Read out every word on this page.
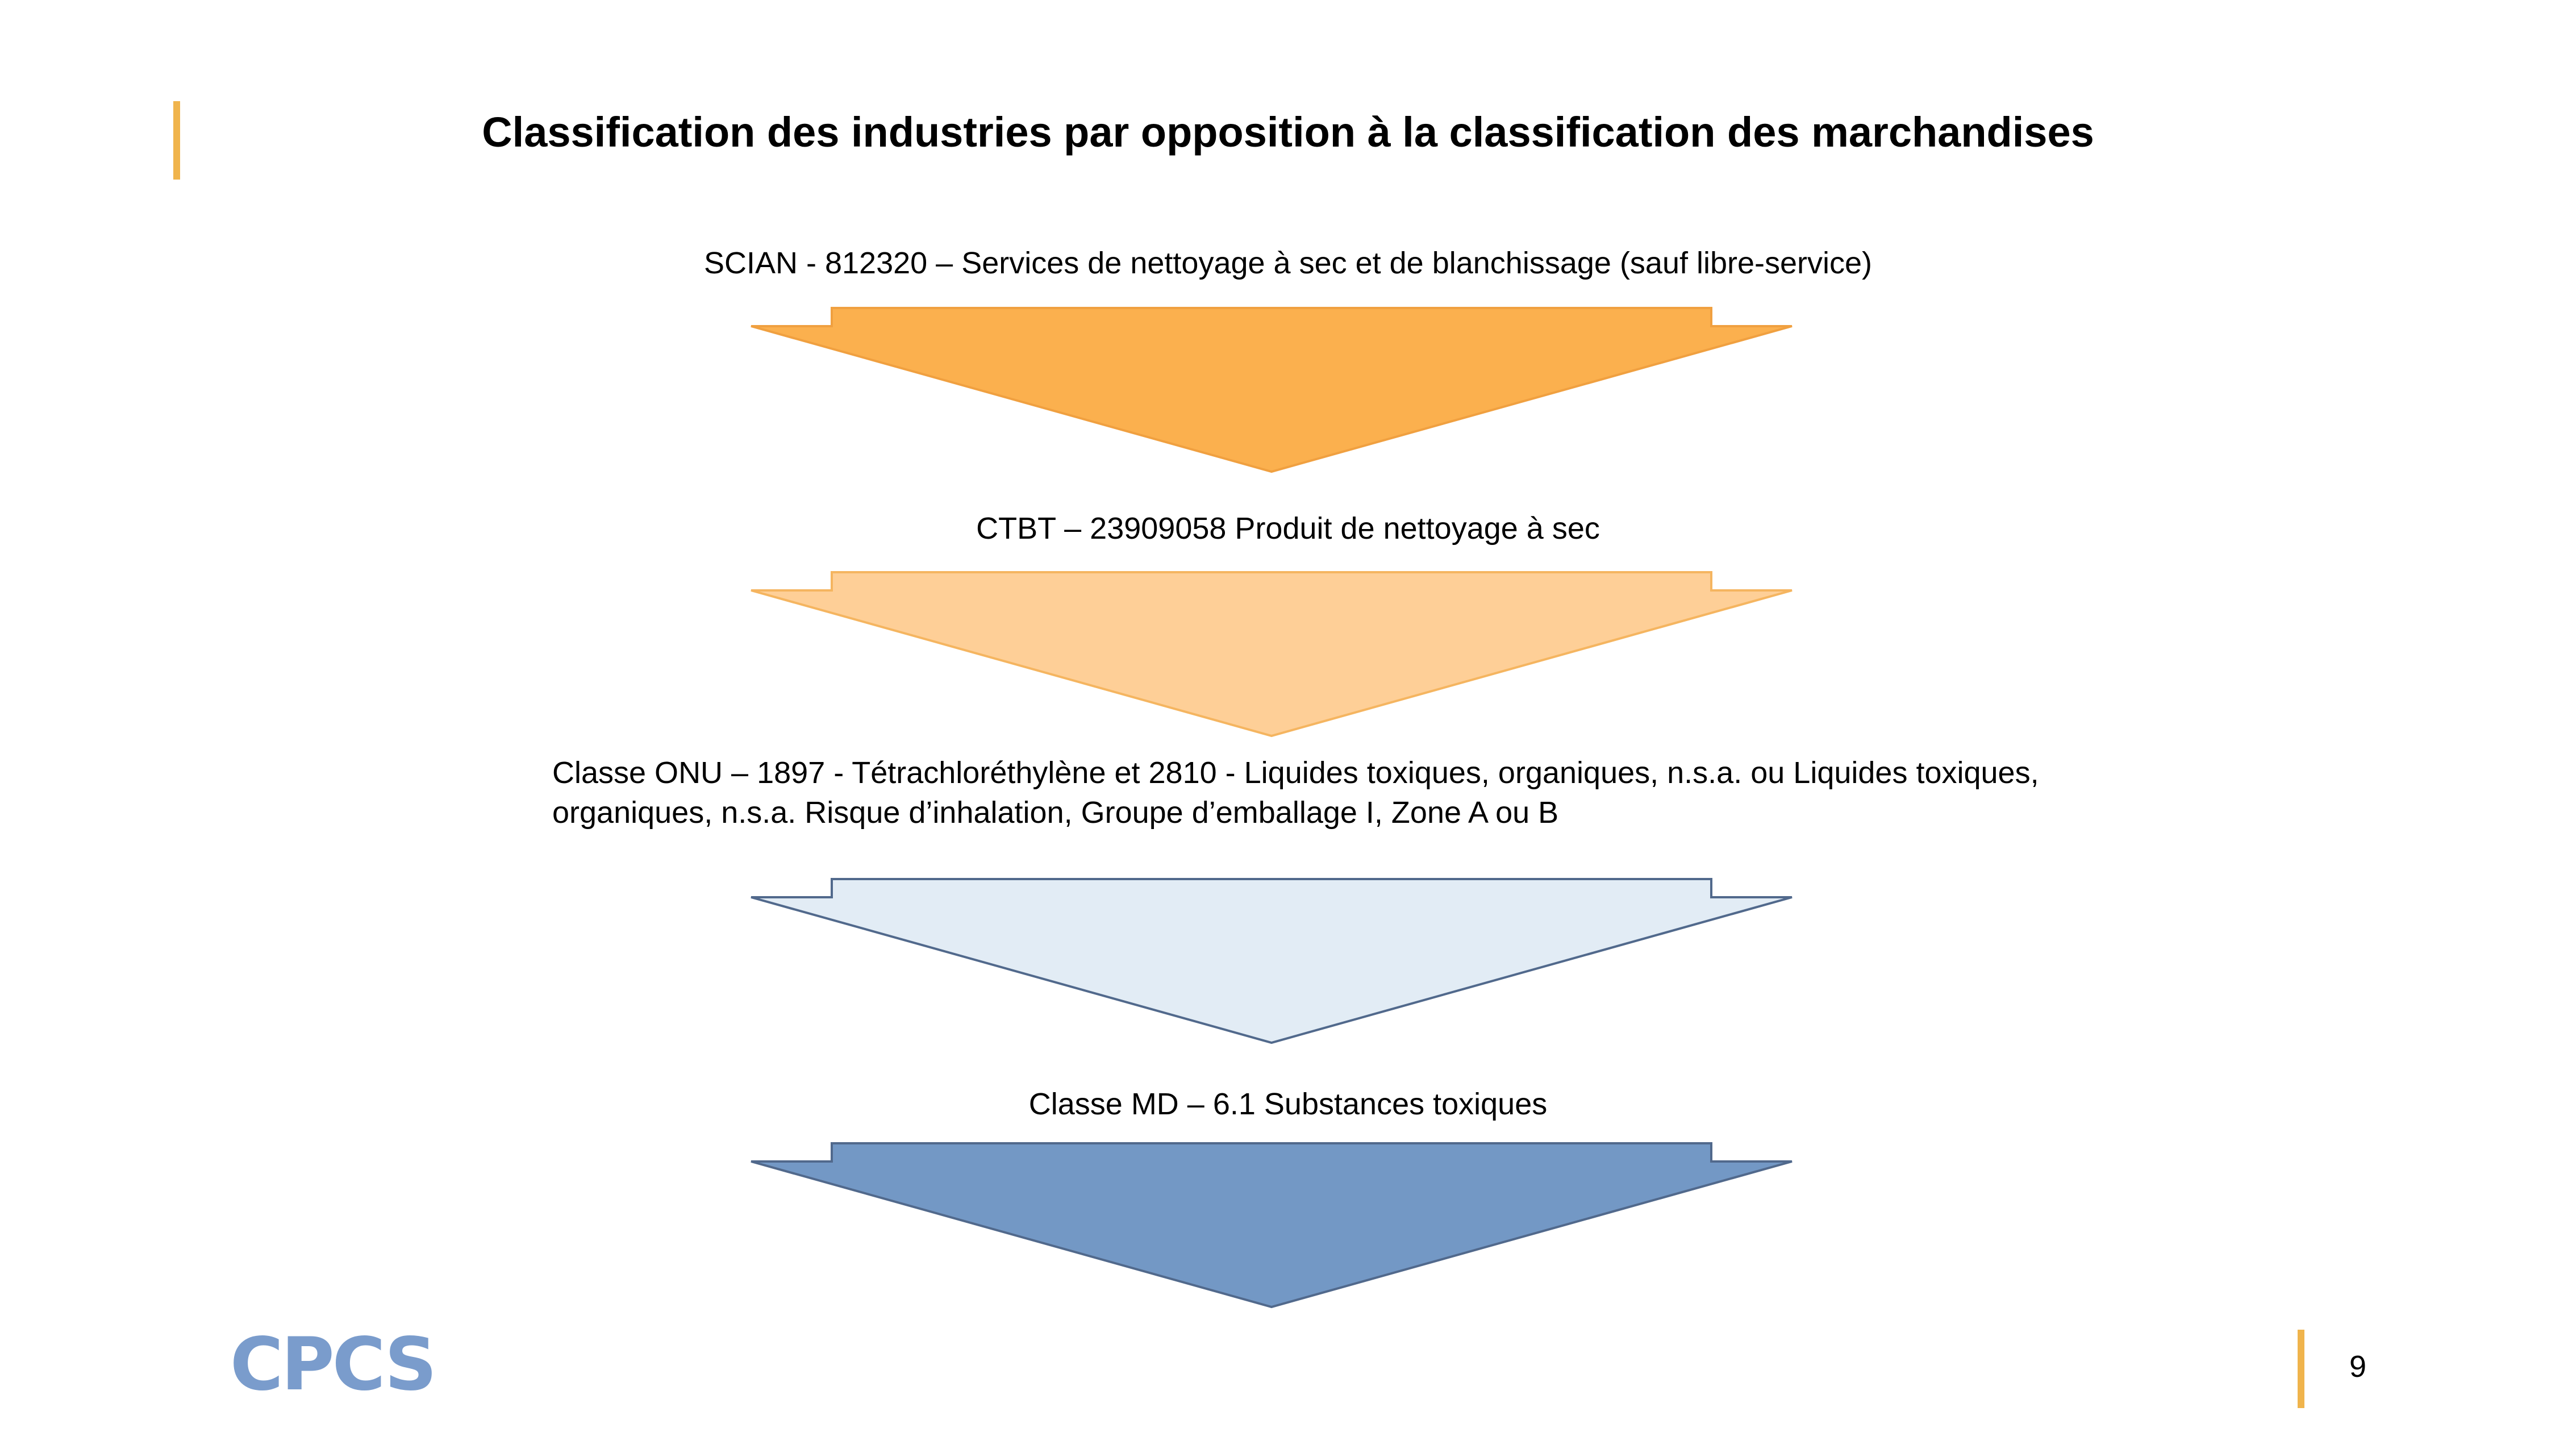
Classification des industries par opposition à la classification des marchandises
SCIAN - 812320 – Services de nettoyage à sec et de blanchissage (sauf libre-service)
CTBT – 23909058 Produit de nettoyage à sec
Classe ONU – 1897 - Tétrachloréthylène et 2810 - Liquides toxiques, organiques, n.s.a. ou Liquides toxiques, organiques, n.s.a. Risque d’inhalation, Groupe d’emballage I, Zone A ou B
Classe MD – 6.1 Substances toxiques
CPCS	9
